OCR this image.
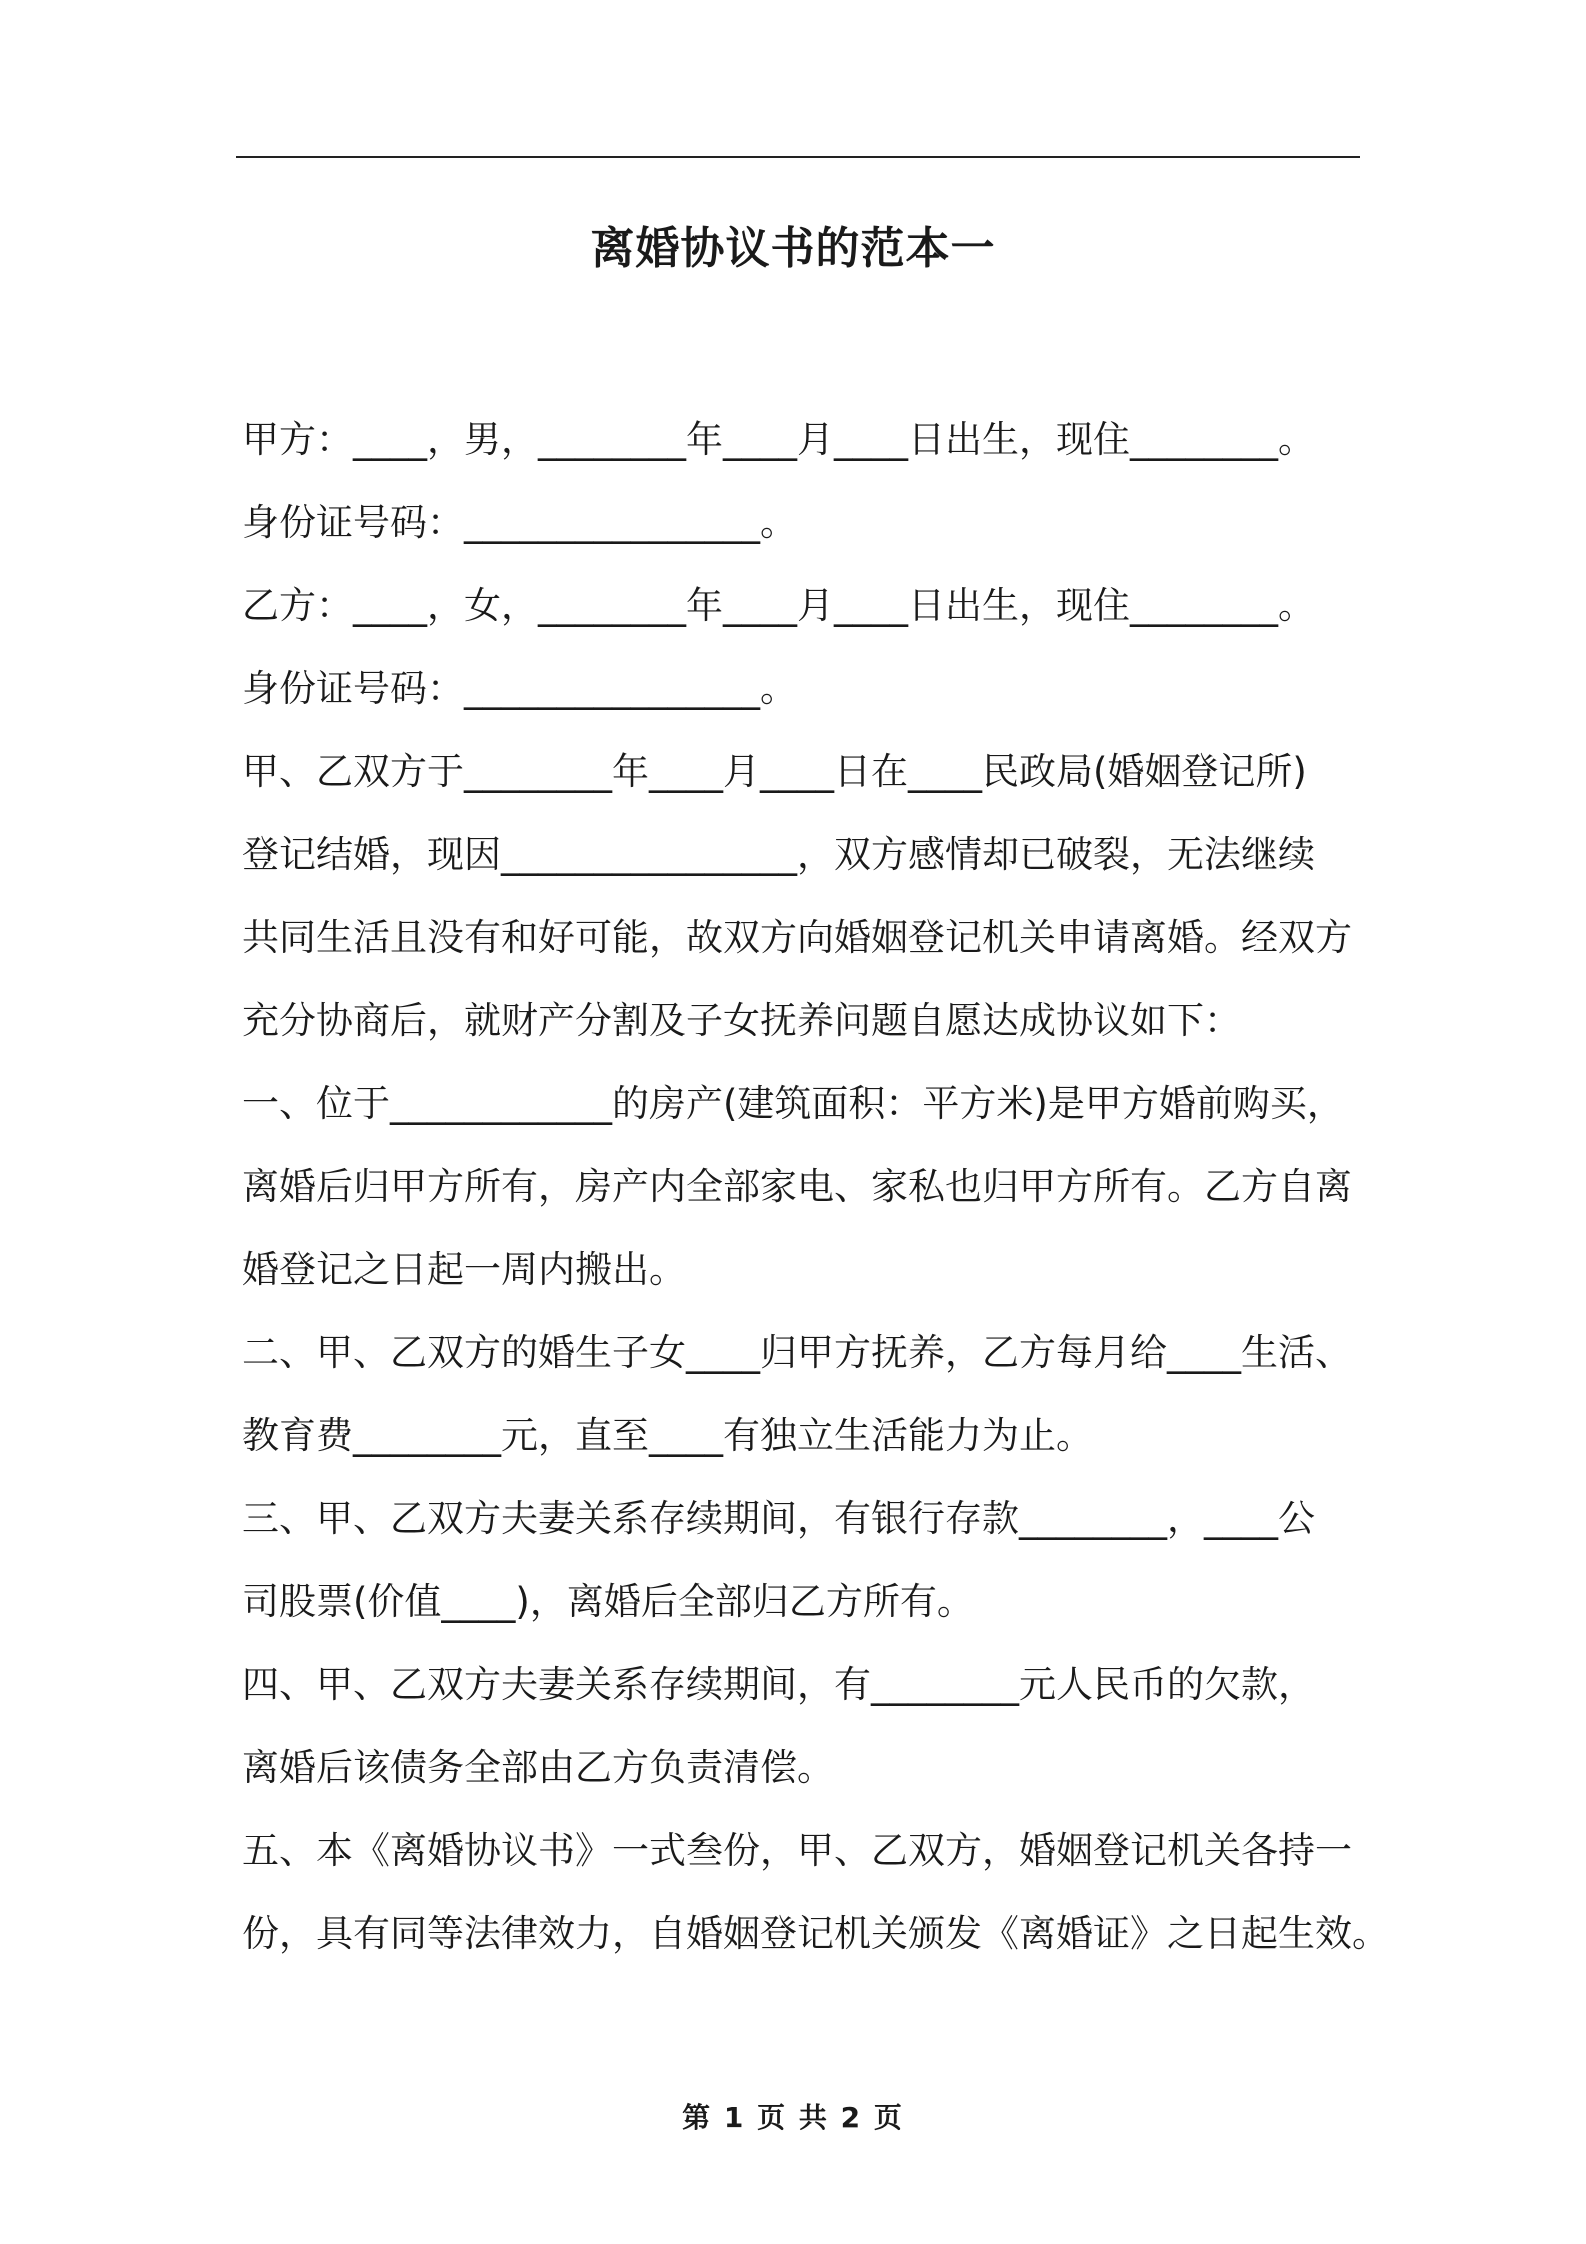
离婚协议书的范本一
甲方：____，男，________年____月____日出生，现住________。
身份证号码：________________。
乙方：____，女，________年____月____日出生，现住________。
身份证号码：________________。
甲、乙双方于________年____月____日在____民政局(婚姻登记所)
登记结婚，现因________________，双方感情却已破裂，无法继续
共同生活且没有和好可能，故双方向婚姻登记机关申请离婚。经双方
充分协商后，就财产分割及子女抚养问题自愿达成协议如下：
一、位于____________的房产(建筑面积：平方米)是甲方婚前购买，
离婚后归甲方所有，房产内全部家电、家私也归甲方所有。乙方自离
婚登记之日起一周内搬出。
二、甲、乙双方的婚生子女____归甲方抚养，乙方每月给____生活、
教育费________元，直至____有独立生活能力为止。
三、甲、乙双方夫妻关系存续期间，有银行存款________，____公
司股票(价值____)，离婚后全部归乙方所有。
四、甲、乙双方夫妻关系存续期间，有________元人民币的欠款，
离婚后该债务全部由乙方负责清偿。
五、本《离婚协议书》一式叁份，甲、乙双方，婚姻登记机关各持一
份，具有同等法律效力，自婚姻登记机关颁发《离婚证》之日起生效。
第 1 页 共 2 页
